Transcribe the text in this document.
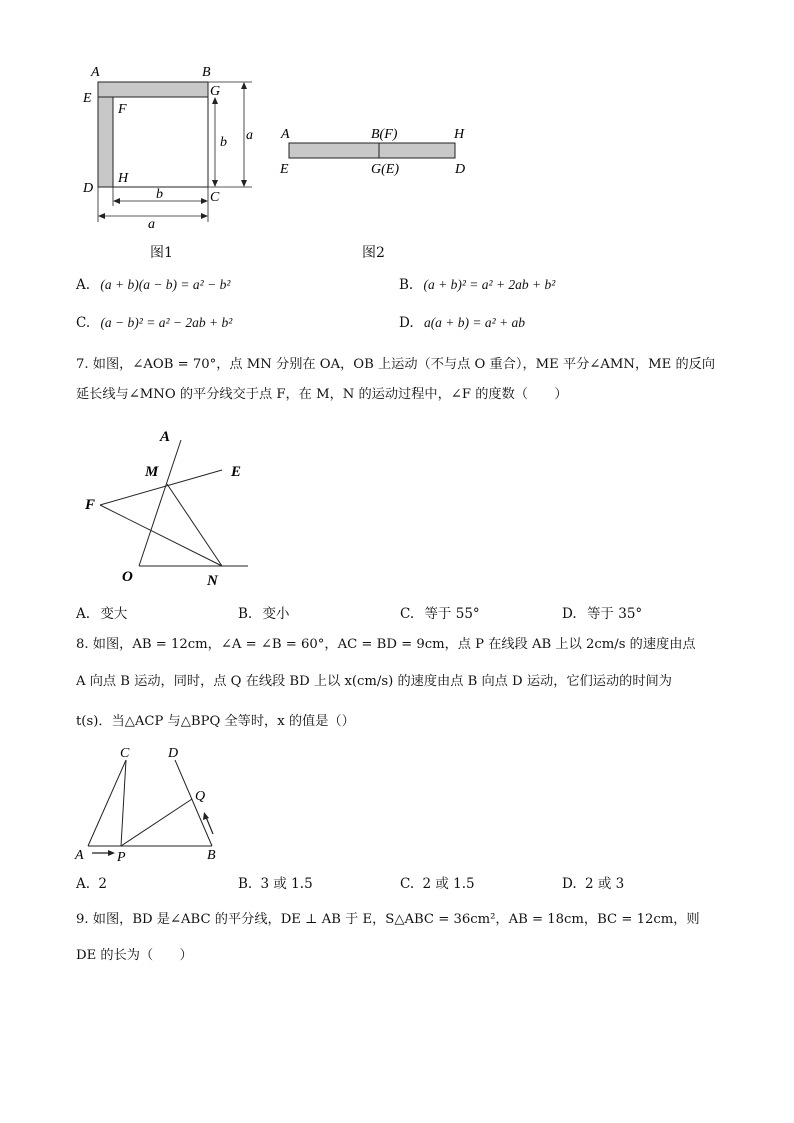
A	B
E
F
G
D
H
C
a
b
b
a
图1
A	B(F)	H
E	G(E)	D
图2
A. (a + b)(a − b) = a² − b²	B. (a + b)² = a² + 2ab + b²
C. (a − b)² = a² − 2ab + b²	D. a(a + b) = a² + ab
7. 如图，∠AOB = 70°，点 MN 分别在 OA，OB 上运动（不与点 O 重合），ME 平分∠AMN，ME 的反向
延长线与∠MNO 的平分线交于点 F，在 M，N 的运动过程中，∠F 的度数（　　）
A
M	E
F
O	N
A. 变大	B. 变小	C. 等于 55°	D. 等于 35°
8. 如图，AB = 12cm，∠A = ∠B = 60°，AC = BD = 9cm，点 P 在线段 AB 上以 2cm/s 的速度由点
A 向点 B 运动，同时，点 Q 在线段 BD 上以 x(cm/s) 的速度由点 B 向点 D 运动，它们运动的时间为
t(s)．当△ACP 与△BPQ 全等时，x 的值是（）
C	D
Q
A P	B
A. 2	B. 3 或 1.5	C. 2 或 1.5	D. 2 或 3
9. 如图，BD 是∠ABC 的平分线，DE ⊥ AB 于 E，S△ABC = 36cm²，AB = 18cm，BC = 12cm，则
DE 的长为（　　）
